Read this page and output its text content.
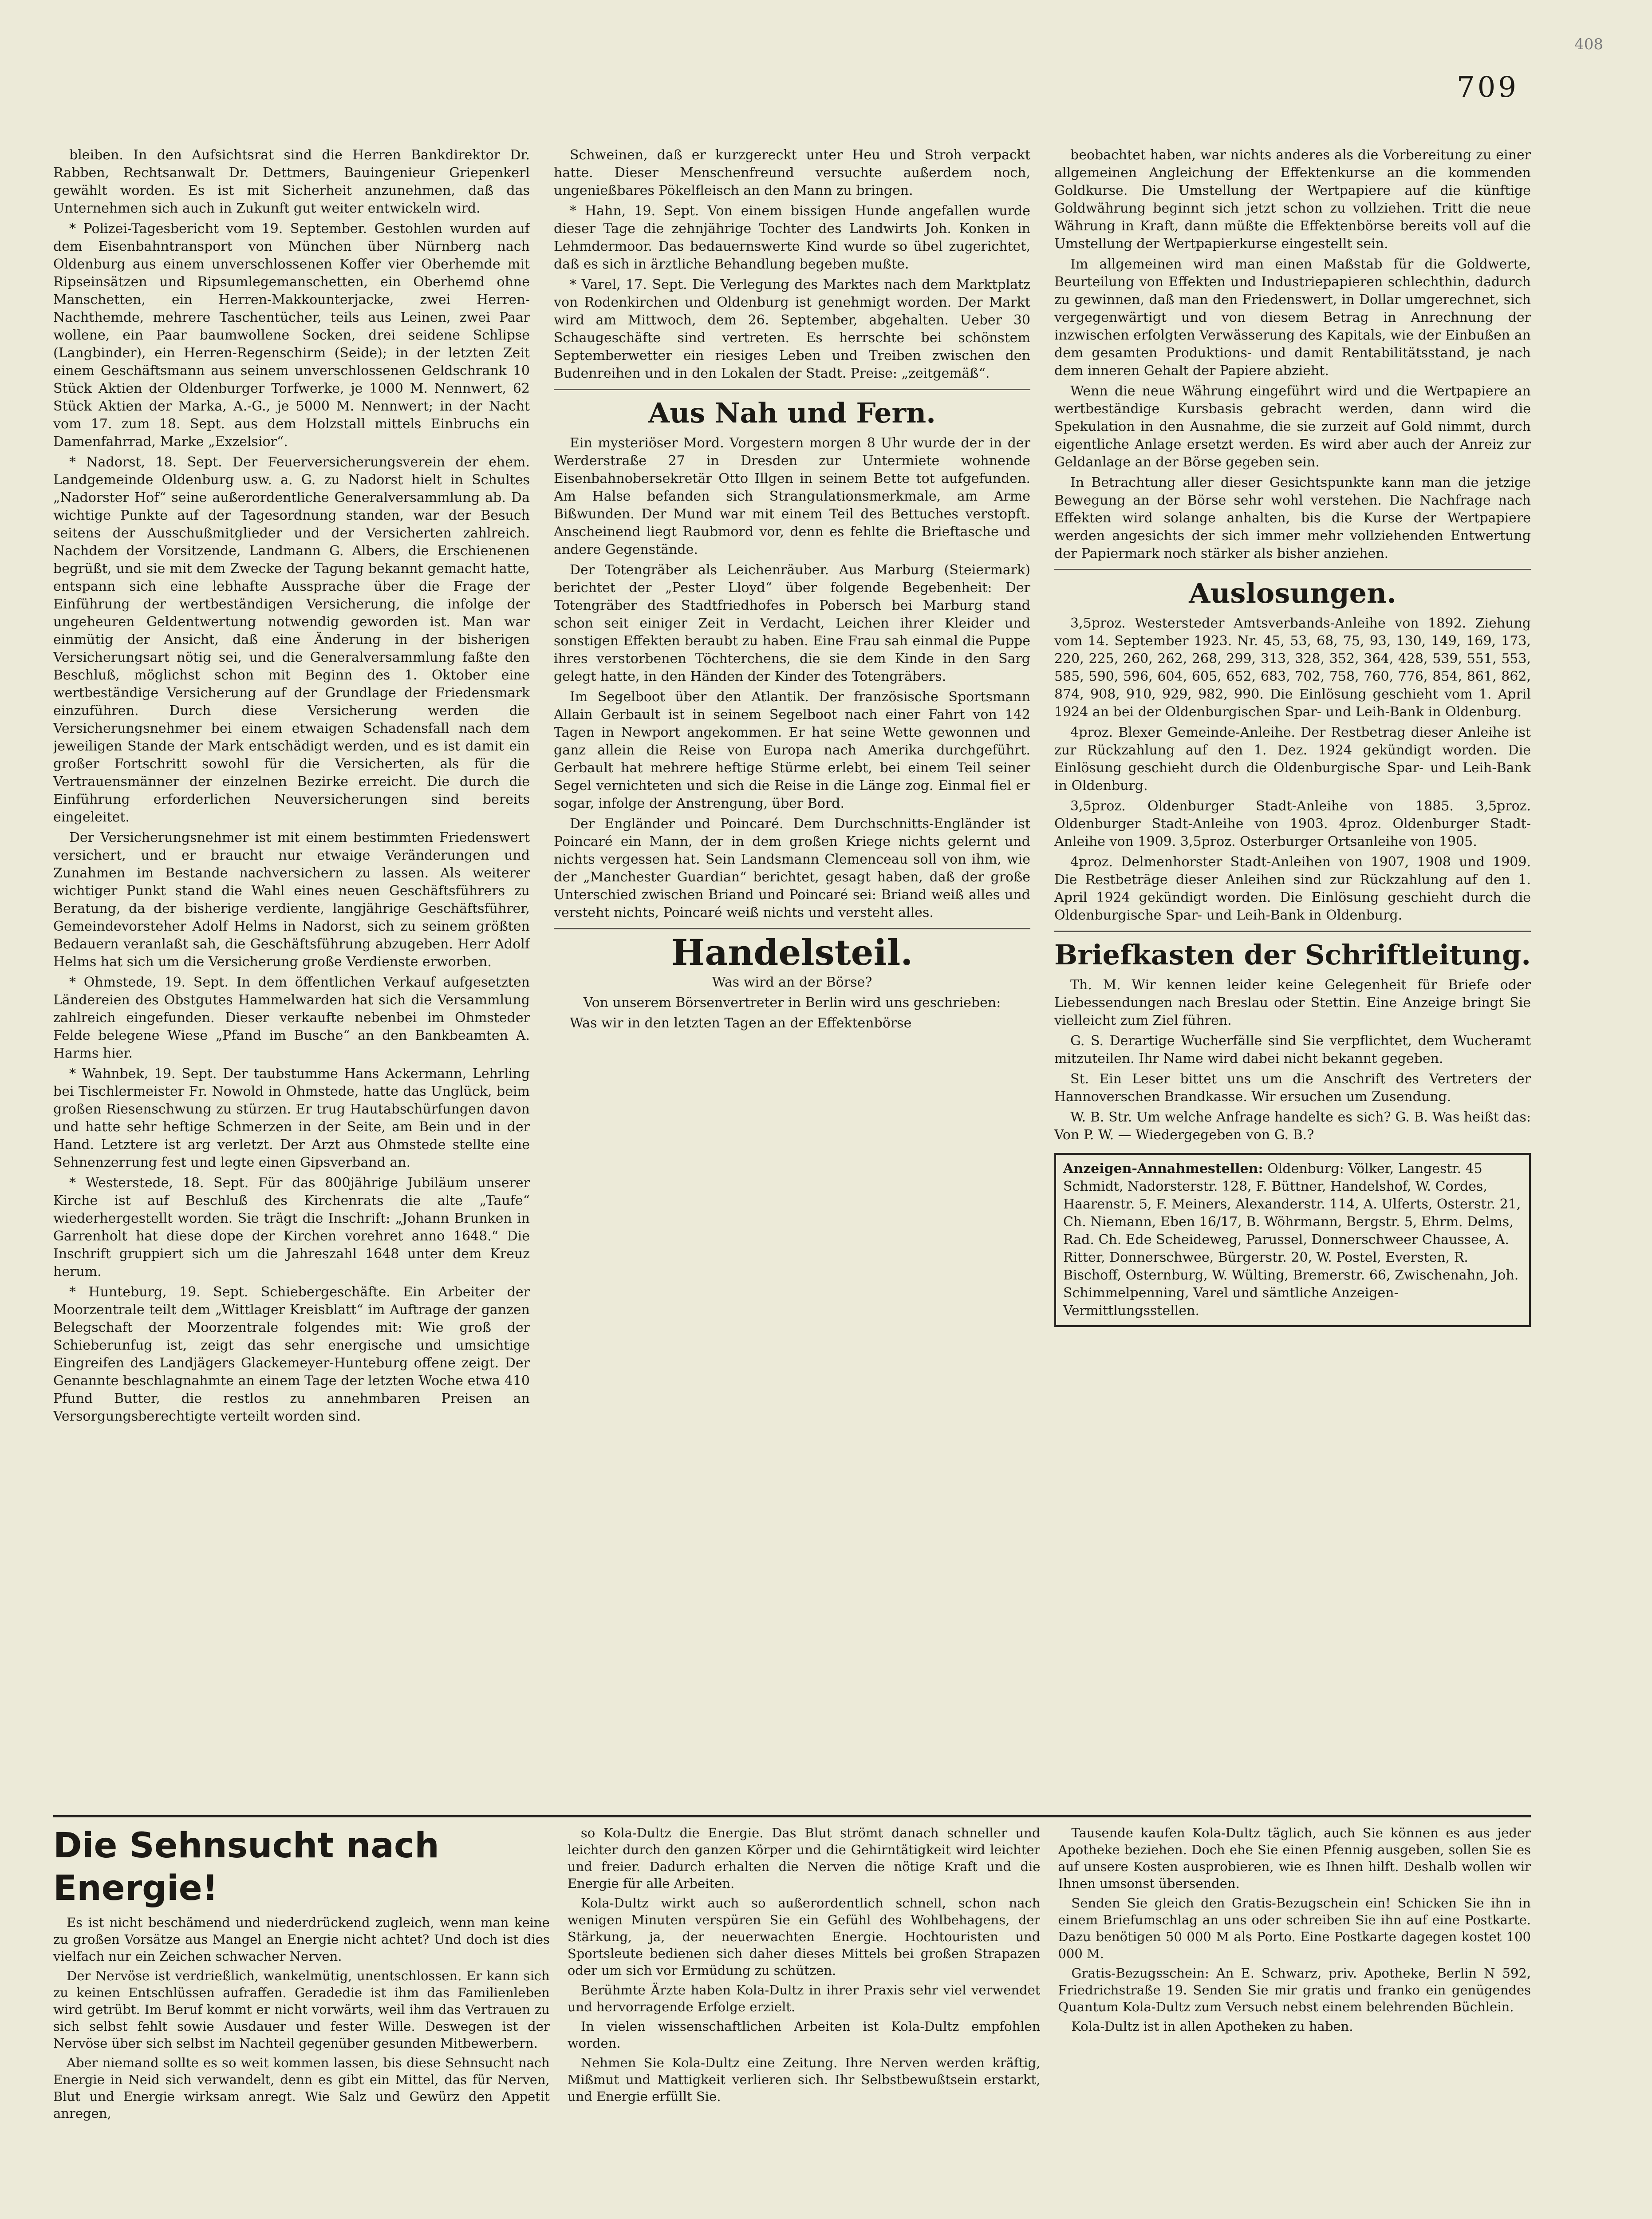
408
709

bleiben. In den Aufsichtsrat sind die Herren Bankdirektor Dr. Rabben, Rechtsanwalt Dr. Dettmers, Bauingenieur Griepenkerl gewählt worden. Es ist mit Sicherheit anzunehmen, daß das Unternehmen sich auch in Zukunft gut weiter entwickeln wird.

* Polizei-Tagesbericht vom 19. September. Gestohlen wurden auf dem Eisenbahntransport von München über Nürnberg nach Oldenburg aus einem unverschlossenen Koffer vier Oberhemde mit Ripseinsätzen und Ripsumlegemanschetten, ein Oberhemd ohne Manschetten, ein Herren-Makkounterjacke, zwei Herren-Nachthemde, mehrere Taschentücher, teils aus Leinen, zwei Paar wollene, ein Paar baumwollene Socken, drei seidene Schlipse (Langbinder), ein Herren-Regenschirm (Seide); in der letzten Zeit einem Geschäftsmann aus seinem unverschlossenen Geldschrank 10 Stück Aktien der Oldenburger Torfwerke, je 1000 M. Nennwert, 62 Stück Aktien der Marka, A.-G., je 5000 M. Nennwert; in der Nacht vom 17. zum 18. Sept. aus dem Holzstall mittels Einbruchs ein Damenfahrrad, Marke „Exzelsior“.

* Nadorst, 18. Sept. Der Feuerversicherungsverein der ehem. Landgemeinde Oldenburg usw. a. G. zu Nadorst hielt in Schultes „Nadorster Hof“ seine außerordentliche Generalversammlung ab. Da wichtige Punkte auf der Tagesordnung standen, war der Besuch seitens der Ausschußmitglieder und der Versicherten zahlreich. Nachdem der Vorsitzende, Landmann G. Albers, die Erschienenen begrüßt, und sie mit dem Zwecke der Tagung bekannt gemacht hatte, entspann sich eine lebhafte Aussprache über die Frage der Einführung der wertbeständigen Versicherung, die infolge der ungeheuren Geldentwertung notwendig geworden ist. Man war einmütig der Ansicht, daß eine Änderung in der bisherigen Versicherungsart nötig sei, und die Generalversammlung faßte den Beschluß, möglichst schon mit Beginn des 1. Oktober eine wertbeständige Versicherung auf der Grundlage der Friedensmark einzuführen. Durch diese Versicherung werden die Versicherungsnehmer bei einem etwaigen Schadensfall nach dem jeweiligen Stande der Mark entschädigt werden, und es ist damit ein großer Fortschritt sowohl für die Versicherten, als für die Vertrauensmänner der einzelnen Bezirke erreicht. Die durch die Einführung erforderlichen Neuversicherungen sind bereits eingeleitet.

Der Versicherungsnehmer ist mit einem bestimmten Friedenswert versichert, und er braucht nur etwaige Veränderungen und Zunahmen im Bestande nachversichern zu lassen. Als weiterer wichtiger Punkt stand die Wahl eines neuen Geschäftsführers zu Beratung, da der bisherige verdiente, langjährige Geschäftsführer, Gemeindevorsteher Adolf Helms in Nadorst, sich zu seinem größten Bedauern veranlaßt sah, die Geschäftsführung abzugeben. Herr Adolf Helms hat sich um die Versicherung große Verdienste erworben.

* Ohmstede, 19. Sept. In dem öffentlichen Verkauf aufgesetzten Ländereien des Obstgutes Hammelwarden hat sich die Versammlung zahlreich eingefunden. Dieser verkaufte nebenbei im Ohmsteder Felde belegene Wiese „Pfand im Busche“ an den Bankbeamten A. Harms hier.

* Wahnbek, 19. Sept. Der taubstumme Hans Ackermann, Lehrling bei Tischlermeister Fr. Nowold in Ohmstede, hatte das Unglück, beim großen Riesenschwung zu stürzen. Er trug Hautabschürfungen davon und hatte sehr heftige Schmerzen in der Seite, am Bein und in der Hand. Letztere ist arg verletzt. Der Arzt aus Ohmstede stellte eine Sehnenzerrung fest und legte einen Gipsverband an.

* Westerstede, 18. Sept. Für das 800jährige Jubiläum unserer Kirche ist auf Beschluß des Kirchenrats die alte „Taufe“ wiederhergestellt worden. Sie trägt die Inschrift: „Johann Brunken in Garrenholt hat diese dope der Kirchen vorehret anno 1648.“ Die Inschrift gruppiert sich um die Jahreszahl 1648 unter dem Kreuz herum.

* Hunteburg, 19. Sept. Schiebergeschäfte. Ein Arbeiter der Moorzentrale teilt dem „Wittlager Kreisblatt“ im Auftrage der ganzen Belegschaft der Moorzentrale folgendes mit: Wie groß der Schieberunfug ist, zeigt das sehr energische und umsichtige Eingreifen des Landjägers Glackemeyer-Hunteburg offene zeigt. Der Genannte beschlagnahmte an einem Tage der letzten Woche etwa 410 Pfund Butter, die restlos zu annehmbaren Preisen an Versorgungsberechtigte verteilt worden sind.

Schweinen, daß er kurzgereckt unter Heu und Stroh verpackt hatte. Dieser Menschenfreund versuchte außerdem noch, ungenießbares Pökelfleisch an den Mann zu bringen.

* Hahn, 19. Sept. Von einem bissigen Hunde angefallen wurde dieser Tage die zehnjährige Tochter des Landwirts Joh. Konken in Lehmdermoor. Das bedauernswerte Kind wurde so übel zugerichtet, daß es sich in ärztliche Behandlung begeben mußte.

* Varel, 17. Sept. Die Verlegung des Marktes nach dem Marktplatz von Rodenkirchen und Oldenburg ist genehmigt worden. Der Markt wird am Mittwoch, dem 26. September, abgehalten. Ueber 30 Schaugeschäfte sind vertreten. Es herrschte bei schönstem Septemberwetter ein riesiges Leben und Treiben zwischen den Budenreihen und in den Lokalen der Stadt. Preise: „zeitgemäß“.

Aus Nah und Fern.

Ein mysteriöser Mord. Vorgestern morgen 8 Uhr wurde der in der Werderstraße 27 in Dresden zur Untermiete wohnende Eisenbahnobersekretär Otto Illgen in seinem Bette tot aufgefunden. Am Halse befanden sich Strangulationsmerkmale, am Arme Bißwunden. Der Mund war mit einem Teil des Bettuches verstopft. Anscheinend liegt Raubmord vor, denn es fehlte die Brieftasche und andere Gegenstände.

Der Totengräber als Leichenräuber. Aus Marburg (Steiermark) berichtet der „Pester Lloyd“ über folgende Begebenheit: Der Totengräber des Stadtfriedhofes in Pobersch bei Marburg stand schon seit einiger Zeit in Verdacht, Leichen ihrer Kleider und sonstigen Effekten beraubt zu haben. Eine Frau sah einmal die Puppe ihres verstorbenen Töchterchens, die sie dem Kinde in den Sarg gelegt hatte, in den Händen der Kinder des Totengräbers.

Im Segelboot über den Atlantik. Der französische Sportsmann Allain Gerbault ist in seinem Segelboot nach einer Fahrt von 142 Tagen in Newport angekommen. Er hat seine Wette gewonnen und ganz allein die Reise von Europa nach Amerika durchgeführt. Gerbault hat mehrere heftige Stürme erlebt, bei einem Teil seiner Segel vernichteten und sich die Reise in die Länge zog. Einmal fiel er sogar, infolge der Anstrengung, über Bord.

Der Engländer und Poincaré. Dem Durchschnitts-Engländer ist Poincaré ein Mann, der in dem großen Kriege nichts gelernt und nichts vergessen hat. Sein Landsmann Clemenceau soll von ihm, wie der „Manchester Guardian“ berichtet, gesagt haben, daß der große Unterschied zwischen Briand und Poincaré sei: Briand weiß alles und versteht nichts, Poincaré weiß nichts und versteht alles.

Handelsteil.
Was wird an der Börse?
Von unserem Börsenvertreter in Berlin wird uns geschrieben:

Was wir in den letzten Tagen an der Effektenbörse

beobachtet haben, war nichts anderes als die Vorbereitung zu einer allgemeinen Angleichung der Effektenkurse an die kommenden Goldkurse. Die Umstellung der Wertpapiere auf die künftige Goldwährung beginnt sich jetzt schon zu vollziehen. Tritt die neue Währung in Kraft, dann müßte die Effektenbörse bereits voll auf die Umstellung der Wertpapierkurse eingestellt sein.

Im allgemeinen wird man einen Maßstab für die Goldwerte, Beurteilung von Effekten und Industriepapieren schlechthin, dadurch zu gewinnen, daß man den Friedenswert, in Dollar umgerechnet, sich vergegenwärtigt und von diesem Betrag in Anrechnung der inzwischen erfolgten Verwässerung des Kapitals, wie der Einbußen an dem gesamten Produktions- und damit Rentabilitätsstand, je nach dem inneren Gehalt der Papiere abzieht.

Wenn die neue Währung eingeführt wird und die Wertpapiere an wertbeständige Kursbasis gebracht werden, dann wird die Spekulation in den Ausnahme, die sie zurzeit auf Gold nimmt, durch eigentliche Anlage ersetzt werden. Es wird aber auch der Anreiz zur Geldanlage an der Börse gegeben sein.

In Betrachtung aller dieser Gesichtspunkte kann man die jetzige Bewegung an der Börse sehr wohl verstehen. Die Nachfrage nach Effekten wird solange anhalten, bis die Kurse der Wertpapiere werden angesichts der sich immer mehr vollziehenden Entwertung der Papiermark noch stärker als bisher anziehen.

Auslosungen.

3,5proz. Westersteder Amtsverbands-Anleihe von 1892. Ziehung vom 14. September 1923. Nr. 45, 53, 68, 75, 93, 130, 149, 169, 173, 220, 225, 260, 262, 268, 299, 313, 328, 352, 364, 428, 539, 551, 553, 585, 590, 596, 604, 605, 652, 683, 702, 758, 760, 776, 854, 861, 862, 874, 908, 910, 929, 982, 990. Die Einlösung geschieht vom 1. April 1924 an bei der Oldenburgischen Spar- und Leih-Bank in Oldenburg.

4proz. Blexer Gemeinde-Anleihe. Der Restbetrag dieser Anleihe ist zur Rückzahlung auf den 1. Dez. 1924 gekündigt worden. Die Einlösung geschieht durch die Oldenburgische Spar- und Leih-Bank in Oldenburg.

3,5proz. Oldenburger Stadt-Anleihe von 1885. 3,5proz. Oldenburger Stadt-Anleihe von 1903. 4proz. Oldenburger Stadt-Anleihe von 1909. 3,5proz. Osterburger Ortsanleihe von 1905.

4proz. Delmenhorster Stadt-Anleihen von 1907, 1908 und 1909. Die Restbeträge dieser Anleihen sind zur Rückzahlung auf den 1. April 1924 gekündigt worden. Die Einlösung geschieht durch die Oldenburgische Spar- und Leih-Bank in Oldenburg.

Briefkasten der Schriftleitung.

Th. M. Wir kennen leider keine Gelegenheit für Briefe oder Liebessendungen nach Breslau oder Stettin. Eine Anzeige bringt Sie vielleicht zum Ziel führen.

G. S. Derartige Wucherfälle sind Sie verpflichtet, dem Wucheramt mitzuteilen. Ihr Name wird dabei nicht bekannt gegeben.

St. Ein Leser bittet uns um die Anschrift des Vertreters der Hannoverschen Brandkasse. Wir ersuchen um Zusendung.

W. B. Str. Um welche Anfrage handelte es sich? G. B. Was heißt das: Von P. W. — Wiedergegeben von G. B.?

Anzeigen-Annahmestellen: Oldenburg: Völker, Langestr. 45 Schmidt, Nadorsterstr. 128, F. Büttner, Handelshof, W. Cordes, Haarenstr. 5, F. Meiners, Alexanderstr. 114, A. Ulferts, Osterstr. 21, Ch. Niemann, Eben 16/17, B. Wöhrmann, Bergstr. 5, Ehrm. Delms, Rad. Ch. Ede Scheideweg, Parussel, Donnerschweer Chaussee, A. Ritter, Donnerschwee, Bürgerstr. 20, W. Postel, Eversten, R. Bischoff, Osternburg, W. Wülting, Bremerstr. 66, Zwischenahn, Joh. Schimmelpenning, Varel und sämtliche Anzeigen-Vermittlungsstellen.
Die Sehnsucht nach Energie!

Es ist nicht beschämend und niederdrückend zugleich, wenn man keine zu großen Vorsätze aus Mangel an Energie nicht achtet? Und doch ist dies vielfach nur ein Zeichen schwacher Nerven.

Der Nervöse ist verdrießlich, wankelmütig, unentschlossen. Er kann sich zu keinen Entschlüssen aufraffen. Geradedie ist ihm das Familienleben wird getrübt. Im Beruf kommt er nicht vorwärts, weil ihm das Vertrauen zu sich selbst fehlt sowie Ausdauer und fester Wille. Deswegen ist der Nervöse über sich selbst im Nachteil gegenüber gesunden Mitbewerbern.

Aber niemand sollte es so weit kommen lassen, bis diese Sehnsucht nach Energie in Neid sich verwandelt, denn es gibt ein Mittel, das für Nerven, Blut und Energie wirksam anregt. Wie Salz und Gewürz den Appetit anregen,

so Kola-Dultz die Energie. Das Blut strömt danach schneller und leichter durch den ganzen Körper und die Gehirntätigkeit wird leichter und freier. Dadurch erhalten die Nerven die nötige Kraft und die Energie für alle Arbeiten.

Kola-Dultz wirkt auch so außerordentlich schnell, schon nach wenigen Minuten verspüren Sie ein Gefühl des Wohlbehagens, der Stärkung, ja, der neuerwachten Energie. Hochtouristen und Sportsleute bedienen sich daher dieses Mittels bei großen Strapazen oder um sich vor Ermüdung zu schützen.

Berühmte Ärzte haben Kola-Dultz in ihrer Praxis sehr viel verwendet und hervorragende Erfolge erzielt.

In vielen wissenschaftlichen Arbeiten ist Kola-Dultz empfohlen worden.

Nehmen Sie Kola-Dultz eine Zeitung. Ihre Nerven werden kräftig, Mißmut und Mattigkeit verlieren sich. Ihr Selbstbewußtsein erstarkt, und Energie erfüllt Sie.

Tausende kaufen Kola-Dultz täglich, auch Sie können es aus jeder Apotheke beziehen. Doch ehe Sie einen Pfennig ausgeben, sollen Sie es auf unsere Kosten ausprobieren, wie es Ihnen hilft. Deshalb wollen wir Ihnen umsonst übersenden.

Senden Sie gleich den Gratis-Bezugschein ein! Schicken Sie ihn in einem Briefumschlag an uns oder schreiben Sie ihn auf eine Postkarte. Dazu benötigen 50 000 M als Porto. Eine Postkarte dagegen kostet 100 000 M.

Gratis-Bezugsschein: An E. Schwarz, priv. Apotheke, Berlin N 592, Friedrichstraße 19. Senden Sie mir gratis und franko ein genügendes Quantum Kola-Dultz zum Versuch nebst einem belehrenden Büchlein.

Kola-Dultz ist in allen Apotheken zu haben.
